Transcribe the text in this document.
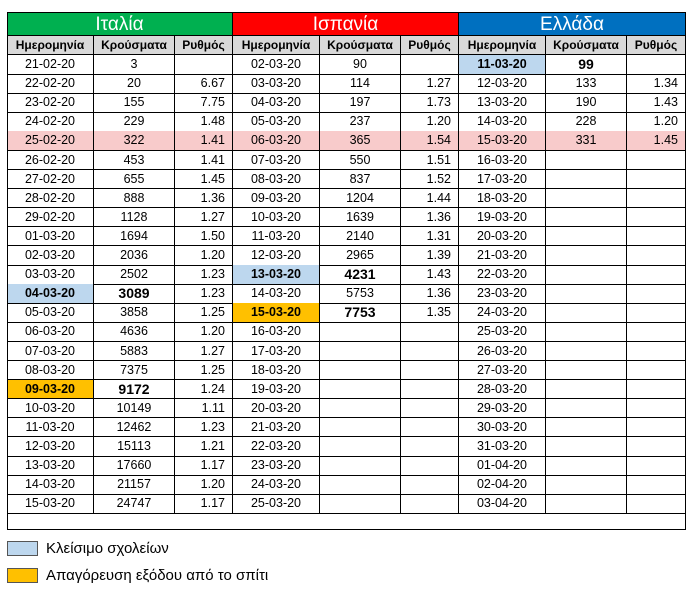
Ιταλία
Ημερομηνία	Κρούσματα	Ρυθμός
21-02-20	3
22-02-20	20	6.67
23-02-20	155	7.75
24-02-20	229	1.48
25-02-20	322	1.41
26-02-20	453	1.41
27-02-20	655	1.45
28-02-20	888	1.36
29-02-20	1128	1.27
01-03-20	1694	1.50
02-03-20	2036	1.20
03-03-20	2502	1.23
04-03-20	3089	1.23
05-03-20	3858	1.25
06-03-20	4636	1.20
07-03-20	5883	1.27
08-03-20	7375	1.25
09-03-20	9172	1.24
10-03-20	10149	1.11
11-03-20	12462	1.23
12-03-20	15113	1.21
13-03-20	17660	1.17
14-03-20	21157	1.20
15-03-20	24747	1.17
Ισπανία
Ημερομηνία	Κρούσματα	Ρυθμός
02-03-20	90
03-03-20	114	1.27
04-03-20	197	1.73
05-03-20	237	1.20
06-03-20	365	1.54
07-03-20	550	1.51
08-03-20	837	1.52
09-03-20	1204	1.44
10-03-20	1639	1.36
11-03-20	2140	1.31
12-03-20	2965	1.39
13-03-20	4231	1.43
14-03-20	5753	1.36
15-03-20	7753	1.35
16-03-20
17-03-20
18-03-20
19-03-20
20-03-20
21-03-20
22-03-20
23-03-20
24-03-20
25-03-20
Ελλάδα
Ημερομηνία	Κρούσματα	Ρυθμός
11-03-20	99
12-03-20	133	1.34
13-03-20	190	1.43
14-03-20	228	1.20
15-03-20	331	1.45
16-03-20
17-03-20
18-03-20
19-03-20
20-03-20
21-03-20
22-03-20
23-03-20
24-03-20
25-03-20
26-03-20
27-03-20
28-03-20
29-03-20
30-03-20
31-03-20
01-04-20
02-04-20
03-04-20
Κλείσιμο σχολείων
Απαγόρευση εξόδου από το σπίτι
